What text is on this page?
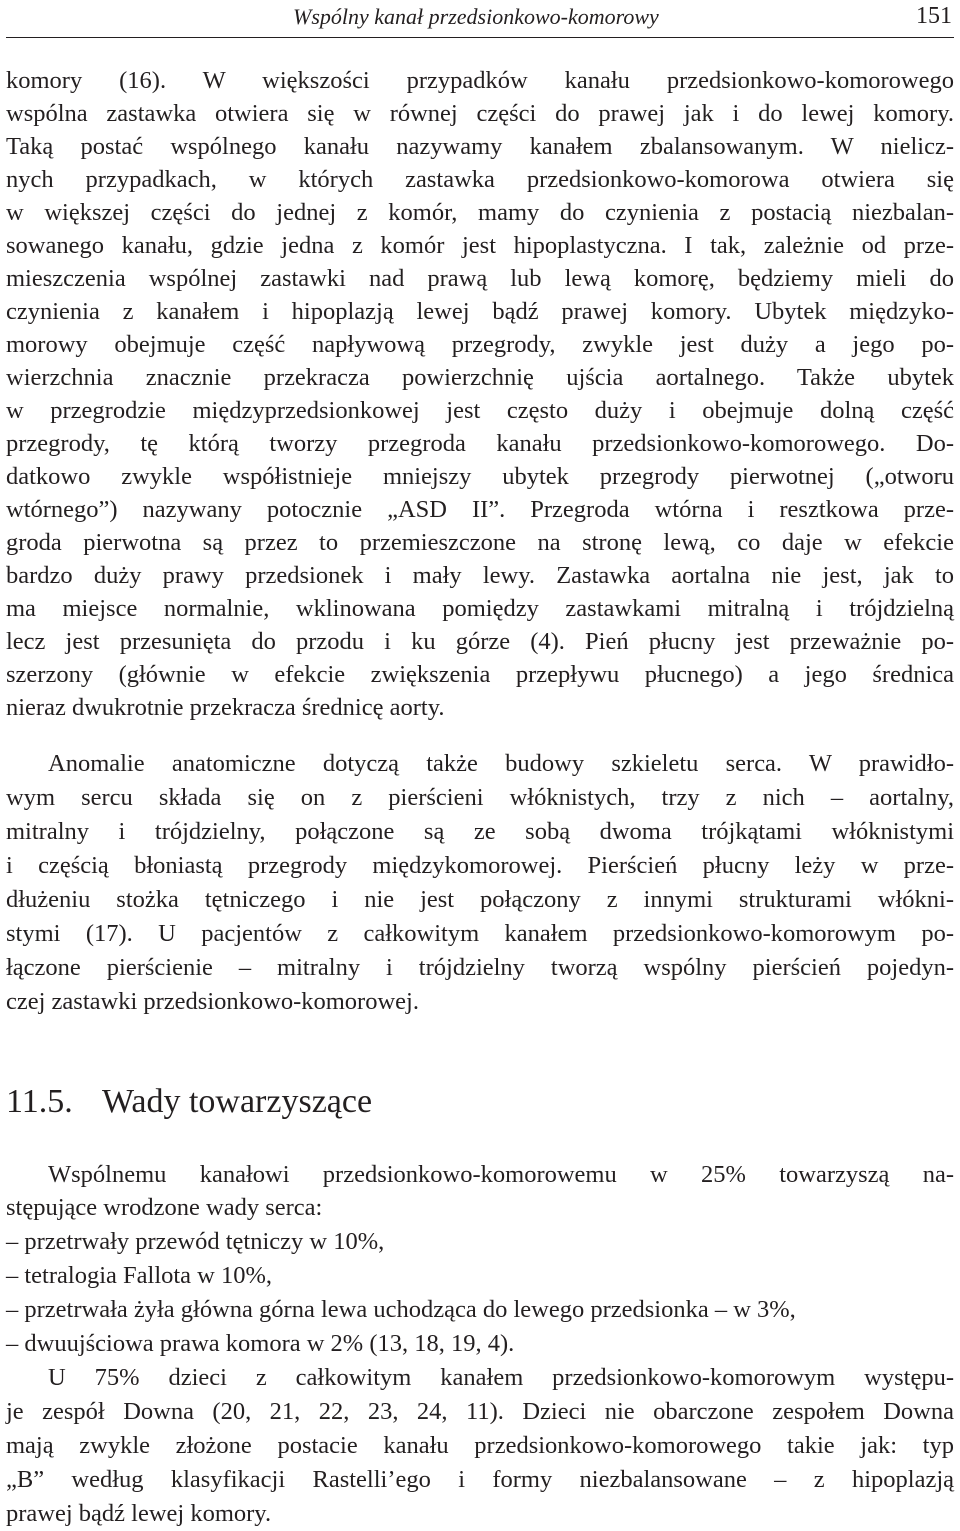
Wspólny kanał przedsionkowo-komorowy	151
komory (16). W większości przypadków kanału przedsionkowo-komorowego
wspólna zastawka otwiera się w równej części do prawej jak i do lewej komory.
Taką postać wspólnego kanału nazywamy kanałem zbalansowanym. W nielicz-
nych przypadkach, w których zastawka przedsionkowo-komorowa otwiera się
w większej części do jednej z komór, mamy do czynienia z postacią niezbalan-
sowanego kanału, gdzie jedna z komór jest hipoplastyczna. I tak, zależnie od prze-
mieszczenia wspólnej zastawki nad prawą lub lewą komorę, będziemy mieli do
czynienia z kanałem i hipoplazją lewej bądź prawej komory. Ubytek międzyko-
morowy obejmuje część napływową przegrody, zwykle jest duży a jego po-
wierzchnia znacznie przekracza powierzchnię ujścia aortalnego. Także ubytek
w przegrodzie międzyprzedsionkowej jest często duży i obejmuje dolną część
przegrody, tę którą tworzy przegroda kanału przedsionkowo-komorowego. Do-
datkowo zwykle współistnieje mniejszy ubytek przegrody pierwotnej („otworu
wtórnego”) nazywany potocznie „ASD II”. Przegroda wtórna i resztkowa prze-
groda pierwotna są przez to przemieszczone na stronę lewą, co daje w efekcie
bardzo duży prawy przedsionek i mały lewy. Zastawka aortalna nie jest, jak to
ma miejsce normalnie, wklinowana pomiędzy zastawkami mitralną i trójdzielną
lecz jest przesunięta do przodu i ku górze (4). Pień płucny jest przeważnie po-
szerzony (głównie w efekcie zwiększenia przepływu płucnego) a jego średnica
nieraz dwukrotnie przekracza średnicę aorty.
Anomalie anatomiczne dotyczą także budowy szkieletu serca. W prawidło-
wym sercu składa się on z pierścieni włóknistych, trzy z nich – aortalny,
mitralny i trójdzielny, połączone są ze sobą dwoma trójkątami włóknistymi
i częścią błoniastą przegrody międzykomorowej. Pierścień płucny leży w prze-
dłużeniu stożka tętniczego i nie jest połączony z innymi strukturami włókni-
stymi (17). U pacjentów z całkowitym kanałem przedsionkowo-komorowym po-
łączone pierścienie – mitralny i trójdzielny tworzą wspólny pierścień pojedyn-
czej zastawki przedsionkowo-komorowej.
11.5. Wady towarzyszące
Wspólnemu kanałowi przedsionkowo-komorowemu w 25% towarzyszą na-
stępujące wrodzone wady serca:
– przetrwały przewód tętniczy w 10%,
– tetralogia Fallota w 10%,
– przetrwała żyła główna górna lewa uchodząca do lewego przedsionka – w 3%,
– dwuujściowa prawa komora w 2% (13, 18, 19, 4).
U 75% dzieci z całkowitym kanałem przedsionkowo-komorowym występu-
je zespół Downa (20, 21, 22, 23, 24, 11). Dzieci nie obarczone zespołem Downa
mają zwykle złożone postacie kanału przedsionkowo-komorowego takie jak: typ
„B” według klasyfikacji Rastelli’ego i formy niezbalansowane – z hipoplazją
prawej bądź lewej komory.
